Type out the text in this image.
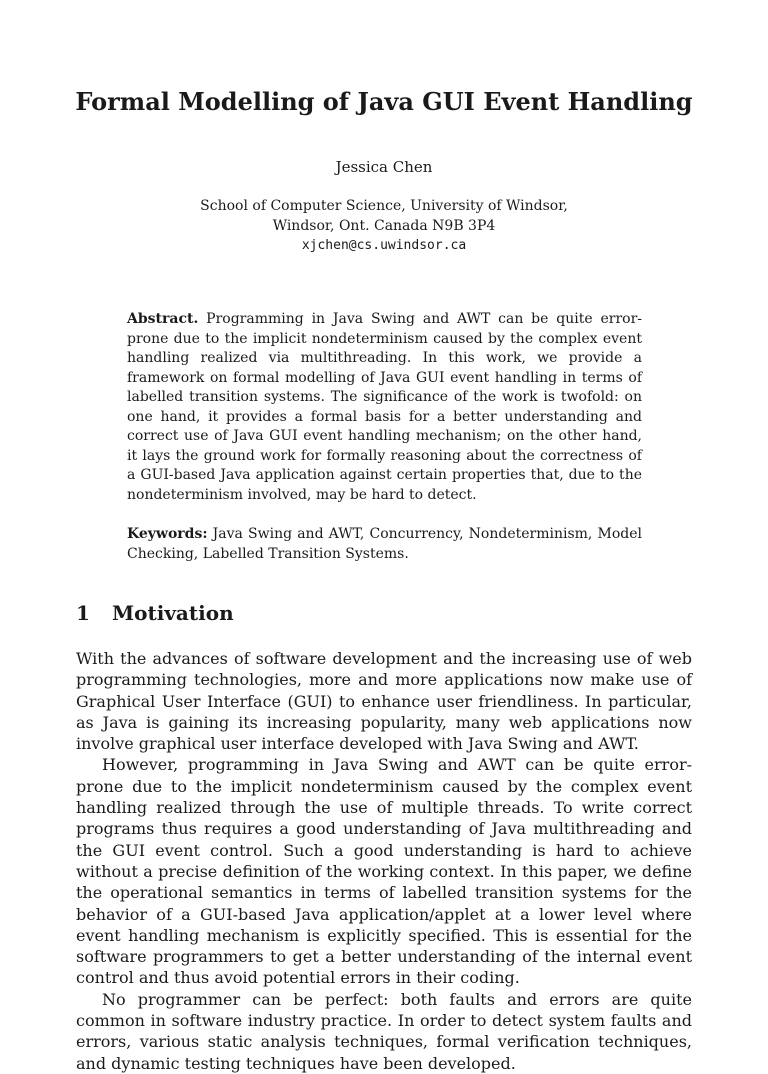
Formal Modelling of Java GUI Event Handling
Jessica Chen
School of Computer Science, University of Windsor,
Windsor, Ont. Canada N9B 3P4
xjchen@cs.uwindsor.ca

Abstract. Programming in Java Swing and AWT can be quite error-prone due to the implicit nondeterminism caused by the complex event handling realized via multithreading. In this work, we provide a framework on formal modelling of Java GUI event handling in terms of labelled transition systems. The significance of the work is twofold: on one hand, it provides a formal basis for a better understanding and correct use of Java GUI event handling mechanism; on the other hand, it lays the ground work for formally reasoning about the correctness of a GUI-based Java application against certain properties that, due to the nondeterminism involved, may be hard to detect.

Keywords: Java Swing and AWT, Concurrency, Nondeterminism, Model Checking, Labelled Transition Systems.

1 Motivation

With the advances of software development and the increasing use of web programming technologies, more and more applications now make use of Graphical User Interface (GUI) to enhance user friendliness. In particular, as Java is gaining its increasing popularity, many web applications now involve graphical user interface developed with Java Swing and AWT.

However, programming in Java Swing and AWT can be quite error-prone due to the implicit nondeterminism caused by the complex event handling realized through the use of multiple threads. To write correct programs thus requires a good understanding of Java multithreading and the GUI event control. Such a good understanding is hard to achieve without a precise definition of the working context. In this paper, we define the operational semantics in terms of labelled transition systems for the behavior of a GUI-based Java application/applet at a lower level where event handling mechanism is explicitly specified. This is essential for the software programmers to get a better understanding of the internal event control and thus avoid potential errors in their coding.

No programmer can be perfect: both faults and errors are quite common in software industry practice. In order to detect system faults and errors, various static analysis techniques, formal verification techniques, and dynamic testing techniques have been developed.
